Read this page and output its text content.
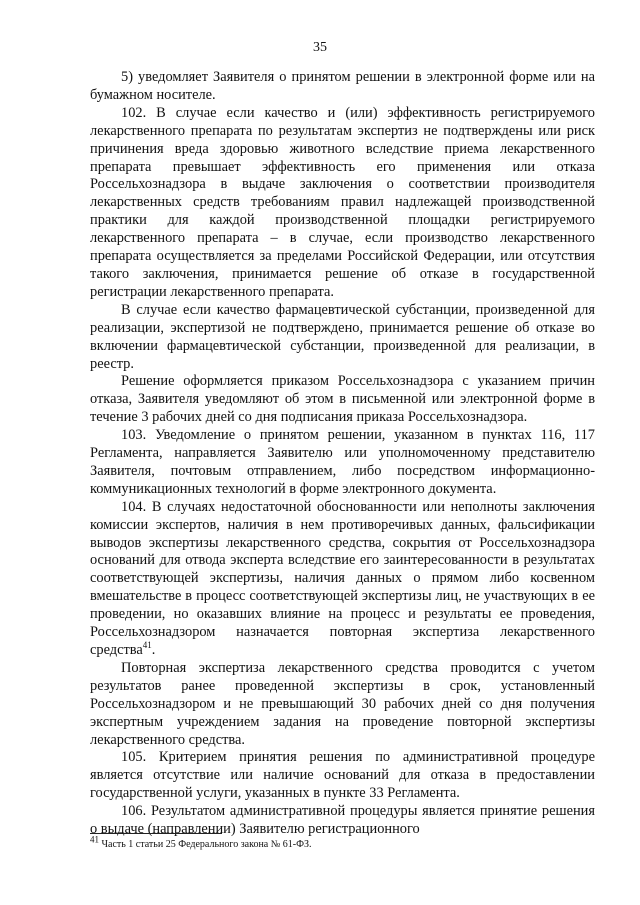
35

5) уведомляет Заявителя о принятом решении в электронной форме или на бумажном носителе.

102. В случае если качество и (или) эффективность регистрируемого лекарственного препарата по результатам экспертиз не подтверждены или риск причинения вреда здоровью животного вследствие приема лекарственного препарата превышает эффективность его применения или отказа Россельхознадзора в выдаче заключения о соответствии производителя лекарственных средств требованиям правил надлежащей производственной практики для каждой производственной площадки регистрируемого лекарственного препарата – в случае, если производство лекарственного препарата осуществляется за пределами Российской Федерации, или отсутствия такого заключения, принимается решение об отказе в государственной регистрации лекарственного препарата.

В случае если качество фармацевтической субстанции, произведенной для реализации, экспертизой не подтверждено, принимается решение об отказе во включении фармацевтической субстанции, произведенной для реализации, в реестр.

Решение оформляется приказом Россельхознадзора с указанием причин отказа, Заявителя уведомляют об этом в письменной или электронной форме в течение 3 рабочих дней со дня подписания приказа Россельхознадзора.

103. Уведомление о принятом решении, указанном в пунктах 116, 117 Регламента, направляется Заявителю или уполномоченному представителю Заявителя, почтовым отправлением, либо посредством информационно-коммуникационных технологий в форме электронного документа.

104. В случаях недостаточной обоснованности или неполноты заключения комиссии экспертов, наличия в нем противоречивых данных, фальсификации выводов экспертизы лекарственного средства, сокрытия от Россельхознадзора оснований для отвода эксперта вследствие его заинтересованности в результатах соответствующей экспертизы, наличия данных о прямом либо косвенном вмешательстве в процесс соответствующей экспертизы лиц, не участвующих в ее проведении, но оказавших влияние на процесс и результаты ее проведения, Россельхознадзором назначается повторная экспертиза лекарственного средства$^{41}$.

Повторная экспертиза лекарственного средства проводится с учетом результатов ранее проведенной экспертизы в срок, установленный Россельхознадзором и не превышающий 30 рабочих дней со дня получения экспертным учреждением задания на проведение повторной экспертизы лекарственного средства.

105. Критерием принятия решения по административной процедуре является отсутствие или наличие оснований для отказа в предоставлении государственной услуги, указанных в пункте 33 Регламента.

106. Результатом административной процедуры является принятие решения о выдаче (направлении) Заявителю регистрационного

$^{41}$ Часть 1 статьи 25 Федерального закона № 61-ФЗ.
